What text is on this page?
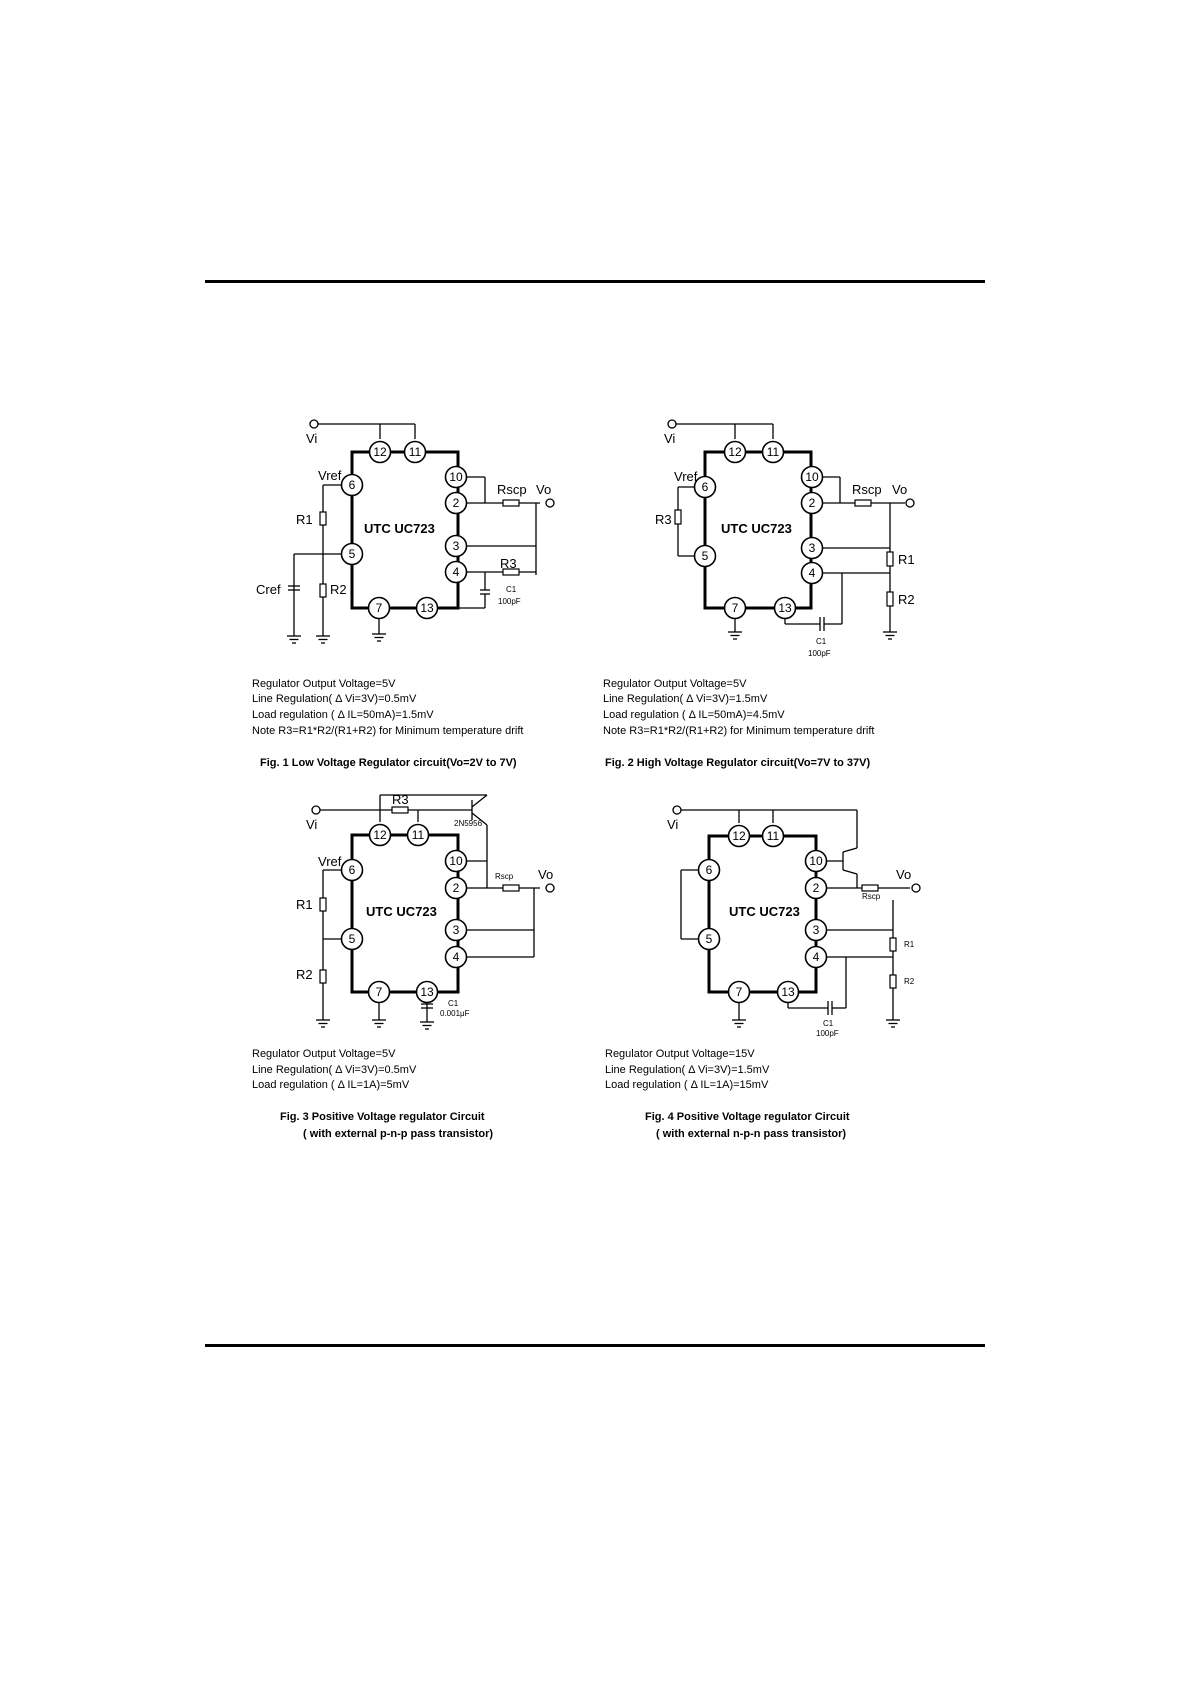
UTC UC723
12 11
10
2
3
4
6
5
7	13
Vi
Vref
Rscp Vo
R1
R2
R3
Cref	C1
100pF
Regulator Output Voltage=5V
Line Regulation( Δ Vi=3V)=0.5mV
Load regulation ( Δ IL=50mA)=1.5mV
Note R3=R1*R2/(R1+R2) for Minimum temperature drift
Fig. 1 Low Voltage Regulator circuit(Vo=2V to 7V)
UTC UC723
12 11
10
2
3
4
6
5
7	13
Vi
Vref
Rscp Vo
R3
R1
R2
C1
100pF
Regulator Output Voltage=5V
Line Regulation( Δ Vi=3V)=1.5mV
Load regulation ( Δ IL=50mA)=4.5mV
Note R3=R1*R2/(R1+R2) for Minimum temperature drift
Fig. 2 High Voltage Regulator circuit(Vo=7V to 37V)
UTC UC723
12 11
10
2
3
4
6
5
7	13
Vi
R3
2N5956
Vref
Rscp Vo
R1
R2
C1
0.001μF
Regulator Output Voltage=5V
Line Regulation( Δ Vi=3V)=0.5mV
Load regulation ( Δ IL=1A)=5mV
Fig. 3 Positive Voltage regulator Circuit
( with external p-n-p pass transistor)
UTC UC723
12 11
10
2
3
4
6
5
7	13
Vi
Rscp
Vo
R1
R2
C1
100pF
Regulator Output Voltage=15V
Line Regulation( Δ Vi=3V)=1.5mV
Load regulation ( Δ IL=1A)=15mV
Fig. 4 Positive Voltage regulator Circuit
( with external n-p-n pass transistor)
